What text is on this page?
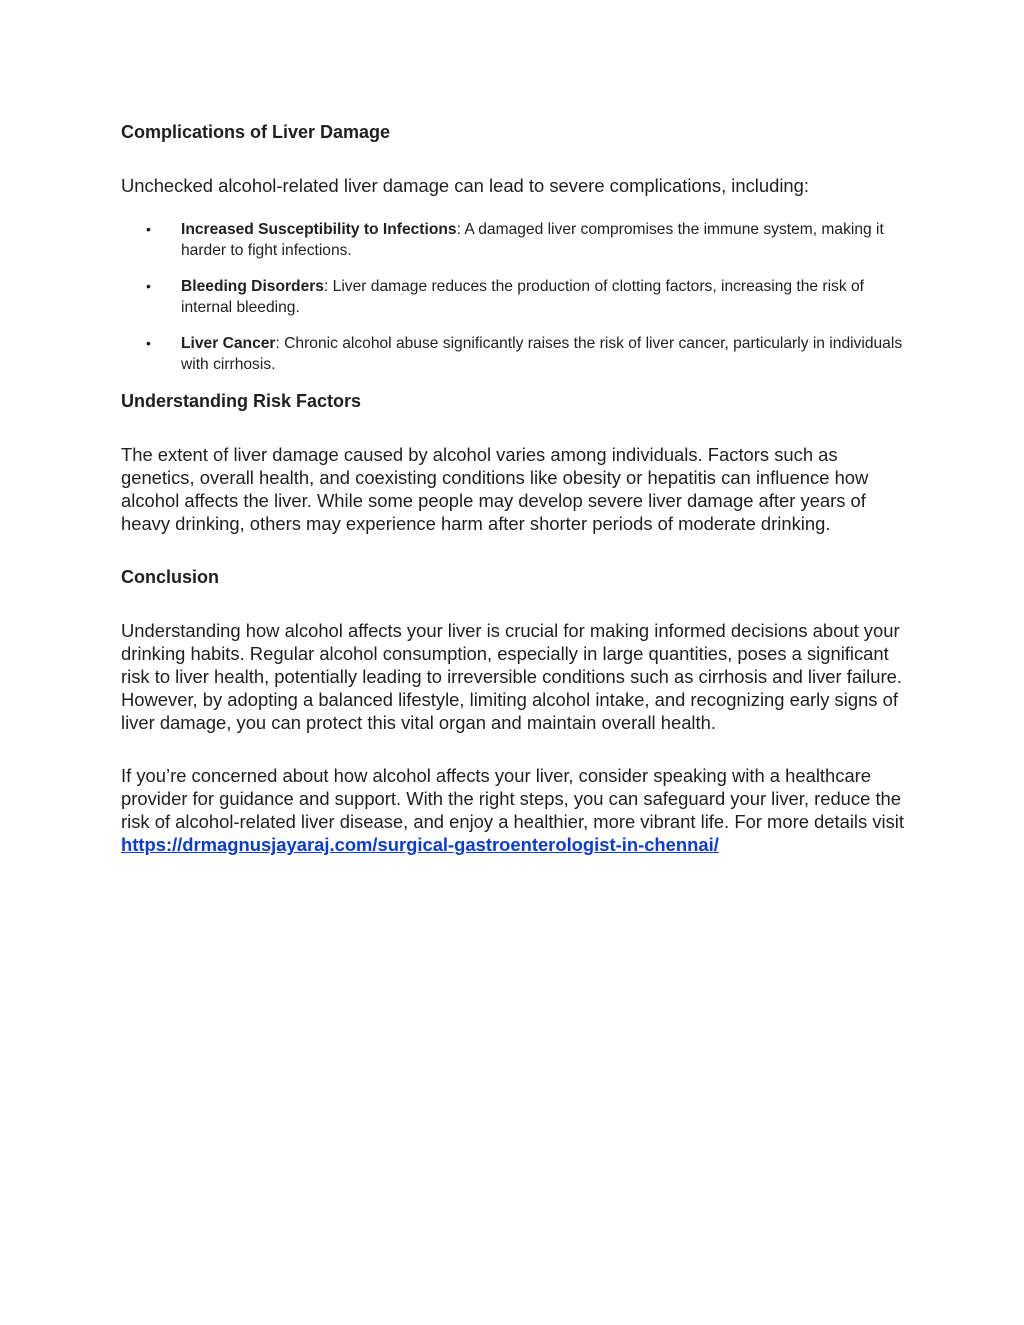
Complications of Liver Damage

Unchecked alcohol-related liver damage can lead to severe complications, including:

• Increased Susceptibility to Infections: A damaged liver compromises the immune system, making it harder to fight infections.
• Bleeding Disorders: Liver damage reduces the production of clotting factors, increasing the risk of internal bleeding.
• Liver Cancer: Chronic alcohol abuse significantly raises the risk of liver cancer, particularly in individuals with cirrhosis.
Understanding Risk Factors

The extent of liver damage caused by alcohol varies among individuals. Factors such as genetics, overall health, and coexisting conditions like obesity or hepatitis can influence how alcohol affects the liver. While some people may develop severe liver damage after years of heavy drinking, others may experience harm after shorter periods of moderate drinking.

Conclusion

Understanding how alcohol affects your liver is crucial for making informed decisions about your drinking habits. Regular alcohol consumption, especially in large quantities, poses a significant risk to liver health, potentially leading to irreversible conditions such as cirrhosis and liver failure. However, by adopting a balanced lifestyle, limiting alcohol intake, and recognizing early signs of liver damage, you can protect this vital organ and maintain overall health.

If you’re concerned about how alcohol affects your liver, consider speaking with a healthcare provider for guidance and support. With the right steps, you can safeguard your liver, reduce the risk of alcohol-related liver disease, and enjoy a healthier, more vibrant life. For more details visit https://drmagnusjayaraj.com/surgical-gastroenterologist-in-chennai/
